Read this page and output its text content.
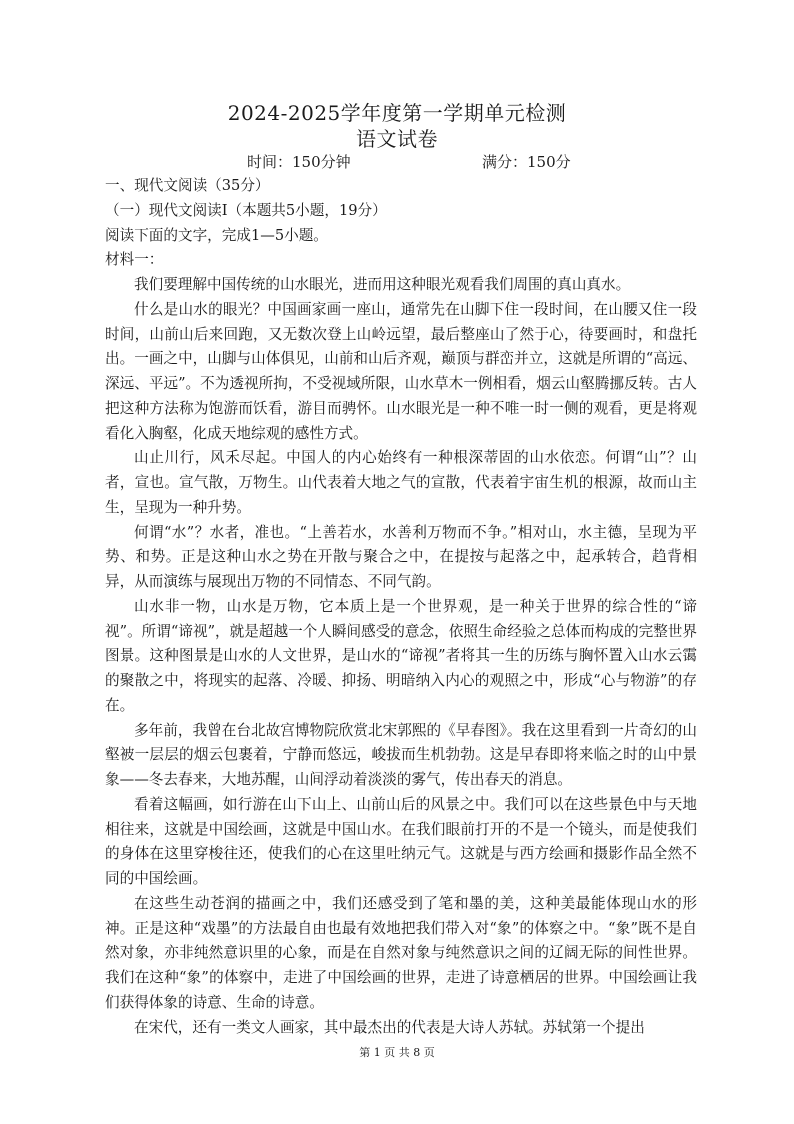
2024-2025学年度第一学期单元检测
语文试卷
时间：150分钟	满分：150分

一、现代文阅读（35分）

（一）现代文阅读Ⅰ（本题共5小题，19分）

阅读下面的文字，完成1—5小题。

材料一：

我们要理解中国传统的山水眼光，进而用这种眼光观看我们周围的真山真水。

什么是山水的眼光？中国画家画一座山，通常先在山脚下住一段时间，在山腰又住一段时间，山前山后来回跑，又无数次登上山岭远望，最后整座山了然于心，待要画时，和盘托出。一画之中，山脚与山体俱见，山前和山后齐观，巅顶与群峦并立，这就是所谓的“高远、深远、平远”。不为透视所拘，不受视域所限，山水草木一例相看，烟云山壑腾挪反转。古人把这种方法称为饱游而饫看，游目而骋怀。山水眼光是一种不唯一时一侧的观看，更是将观看化入胸壑，化成天地综观的感性方式。

山止川行，风禾尽起。中国人的内心始终有一种根深蒂固的山水依恋。何谓“山”？山者，宣也。宣气散，万物生。山代表着大地之气的宣散，代表着宇宙生机的根源，故而山主生，呈现为一种升势。

何谓“水”？水者，准也。“上善若水，水善利万物而不争。”相对山，水主德，呈现为平势、和势。正是这种山水之势在开散与聚合之中，在提按与起落之中，起承转合，趋背相异，从而演练与展现出万物的不同情态、不同气韵。

山水非一物，山水是万物，它本质上是一个世界观，是一种关于世界的综合性的“谛视”。所谓“谛视”，就是超越一个人瞬间感受的意念，依照生命经验之总体而构成的完整世界图景。这种图景是山水的人文世界，是山水的“谛视”者将其一生的历练与胸怀置入山水云霭的聚散之中，将现实的起落、冷暖、抑扬、明暗纳入内心的观照之中，形成“心与物游”的存在。

多年前，我曾在台北故宫博物院欣赏北宋郭熙的《早春图》。我在这里看到一片奇幻的山壑被一层层的烟云包裹着，宁静而悠远，峻拔而生机勃勃。这是早春即将来临之时的山中景象——冬去春来，大地苏醒，山间浮动着淡淡的雾气，传出春天的消息。

看着这幅画，如行游在山下山上、山前山后的风景之中。我们可以在这些景色中与天地相往来，这就是中国绘画，这就是中国山水。在我们眼前打开的不是一个镜头，而是使我们的身体在这里穿梭往还，使我们的心在这里吐纳元气。这就是与西方绘画和摄影作品全然不同的中国绘画。

在这些生动苍润的描画之中，我们还感受到了笔和墨的美，这种美最能体现山水的形神。正是这种“戏墨”的方法最自由也最有效地把我们带入对“象”的体察之中。“象”既不是自然对象，亦非纯然意识里的心象，而是在自然对象与纯然意识之间的辽阔无际的间性世界。我们在这种“象”的体察中，走进了中国绘画的世界，走进了诗意栖居的世界。中国绘画让我们获得体象的诗意、生命的诗意。

在宋代，还有一类文人画家，其中最杰出的代表是大诗人苏轼。苏轼第一个提出

第 1 页 共 8 页
